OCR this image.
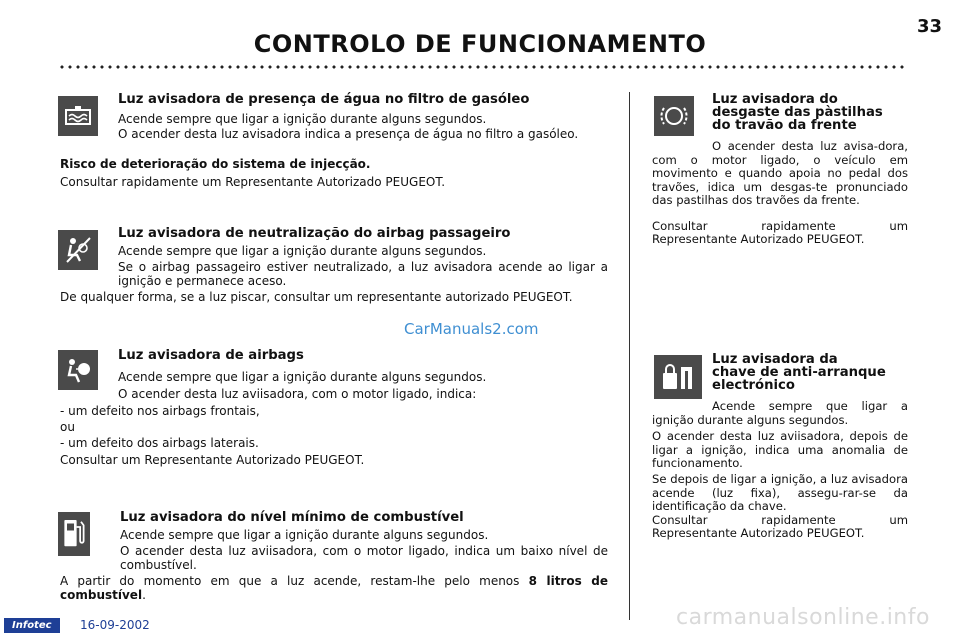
CONTROLO DE FUNCIONAMENTO
33
Luz avisadora de presença de água no filtro de gasóleo
Acende sempre que ligar a ignição durante alguns segundos.
O acender desta luz avisadora indica a presença de água no filtro a gasóleo.
Risco de deterioração do sistema de injecção.
Consultar rapidamente um Representante Autorizado PEUGEOT.
Luz avisadora de neutralização do airbag passageiro
Acende sempre que ligar a ignição durante alguns segundos.
Se o airbag passageiro estiver neutralizado, a luz avisadora acende ao ligar a ignição e permanece aceso.
De qualquer forma, se a luz piscar, consultar um representante autorizado PEUGEOT.
CarManuals2.com
Luz avisadora de airbags
Acende sempre que ligar a ignição durante alguns segundos.
O acender desta luz aviisadora, com o motor ligado, indica:
- um defeito nos airbags frontais,
ou
- um defeito dos airbags laterais.
Consultar um Representante Autorizado PEUGEOT.
Luz avisadora do nível mínimo de combustível
Acende sempre que ligar a ignição durante alguns segundos.
O acender desta luz aviisadora, com o motor ligado, indica um baixo nível de combustível.
A partir do momento em que a luz acende, restam-lhe pelo menos 8 litros de combustível.
Luz avisadora do
desgaste das pàstilhas
do travão da frente
O acender desta luz avisa-dora, com o motor ligado, o veículo em movimento e quando apoia no pedal dos travões, idica um desgas-te pronunciado das pastilhas dos travões da frente.
Consultar rapidamente um
Representante Autorizado PEUGEOT.
Luz avisadora da
chave de anti-arranque
electrónico
Acende sempre que ligar a ignição durante alguns segundos.
O acender desta luz aviisadora, depois de ligar a ignição, indica uma anomalia de funcionamento.
Se depois de ligar a ignição, a luz avisadora acende (luz fixa), assegu-rar-se da identificação da chave.
Consultar rapidamente um
Representante Autorizado PEUGEOT.
Infotec	16-09-2002	carmanualsonline.info
